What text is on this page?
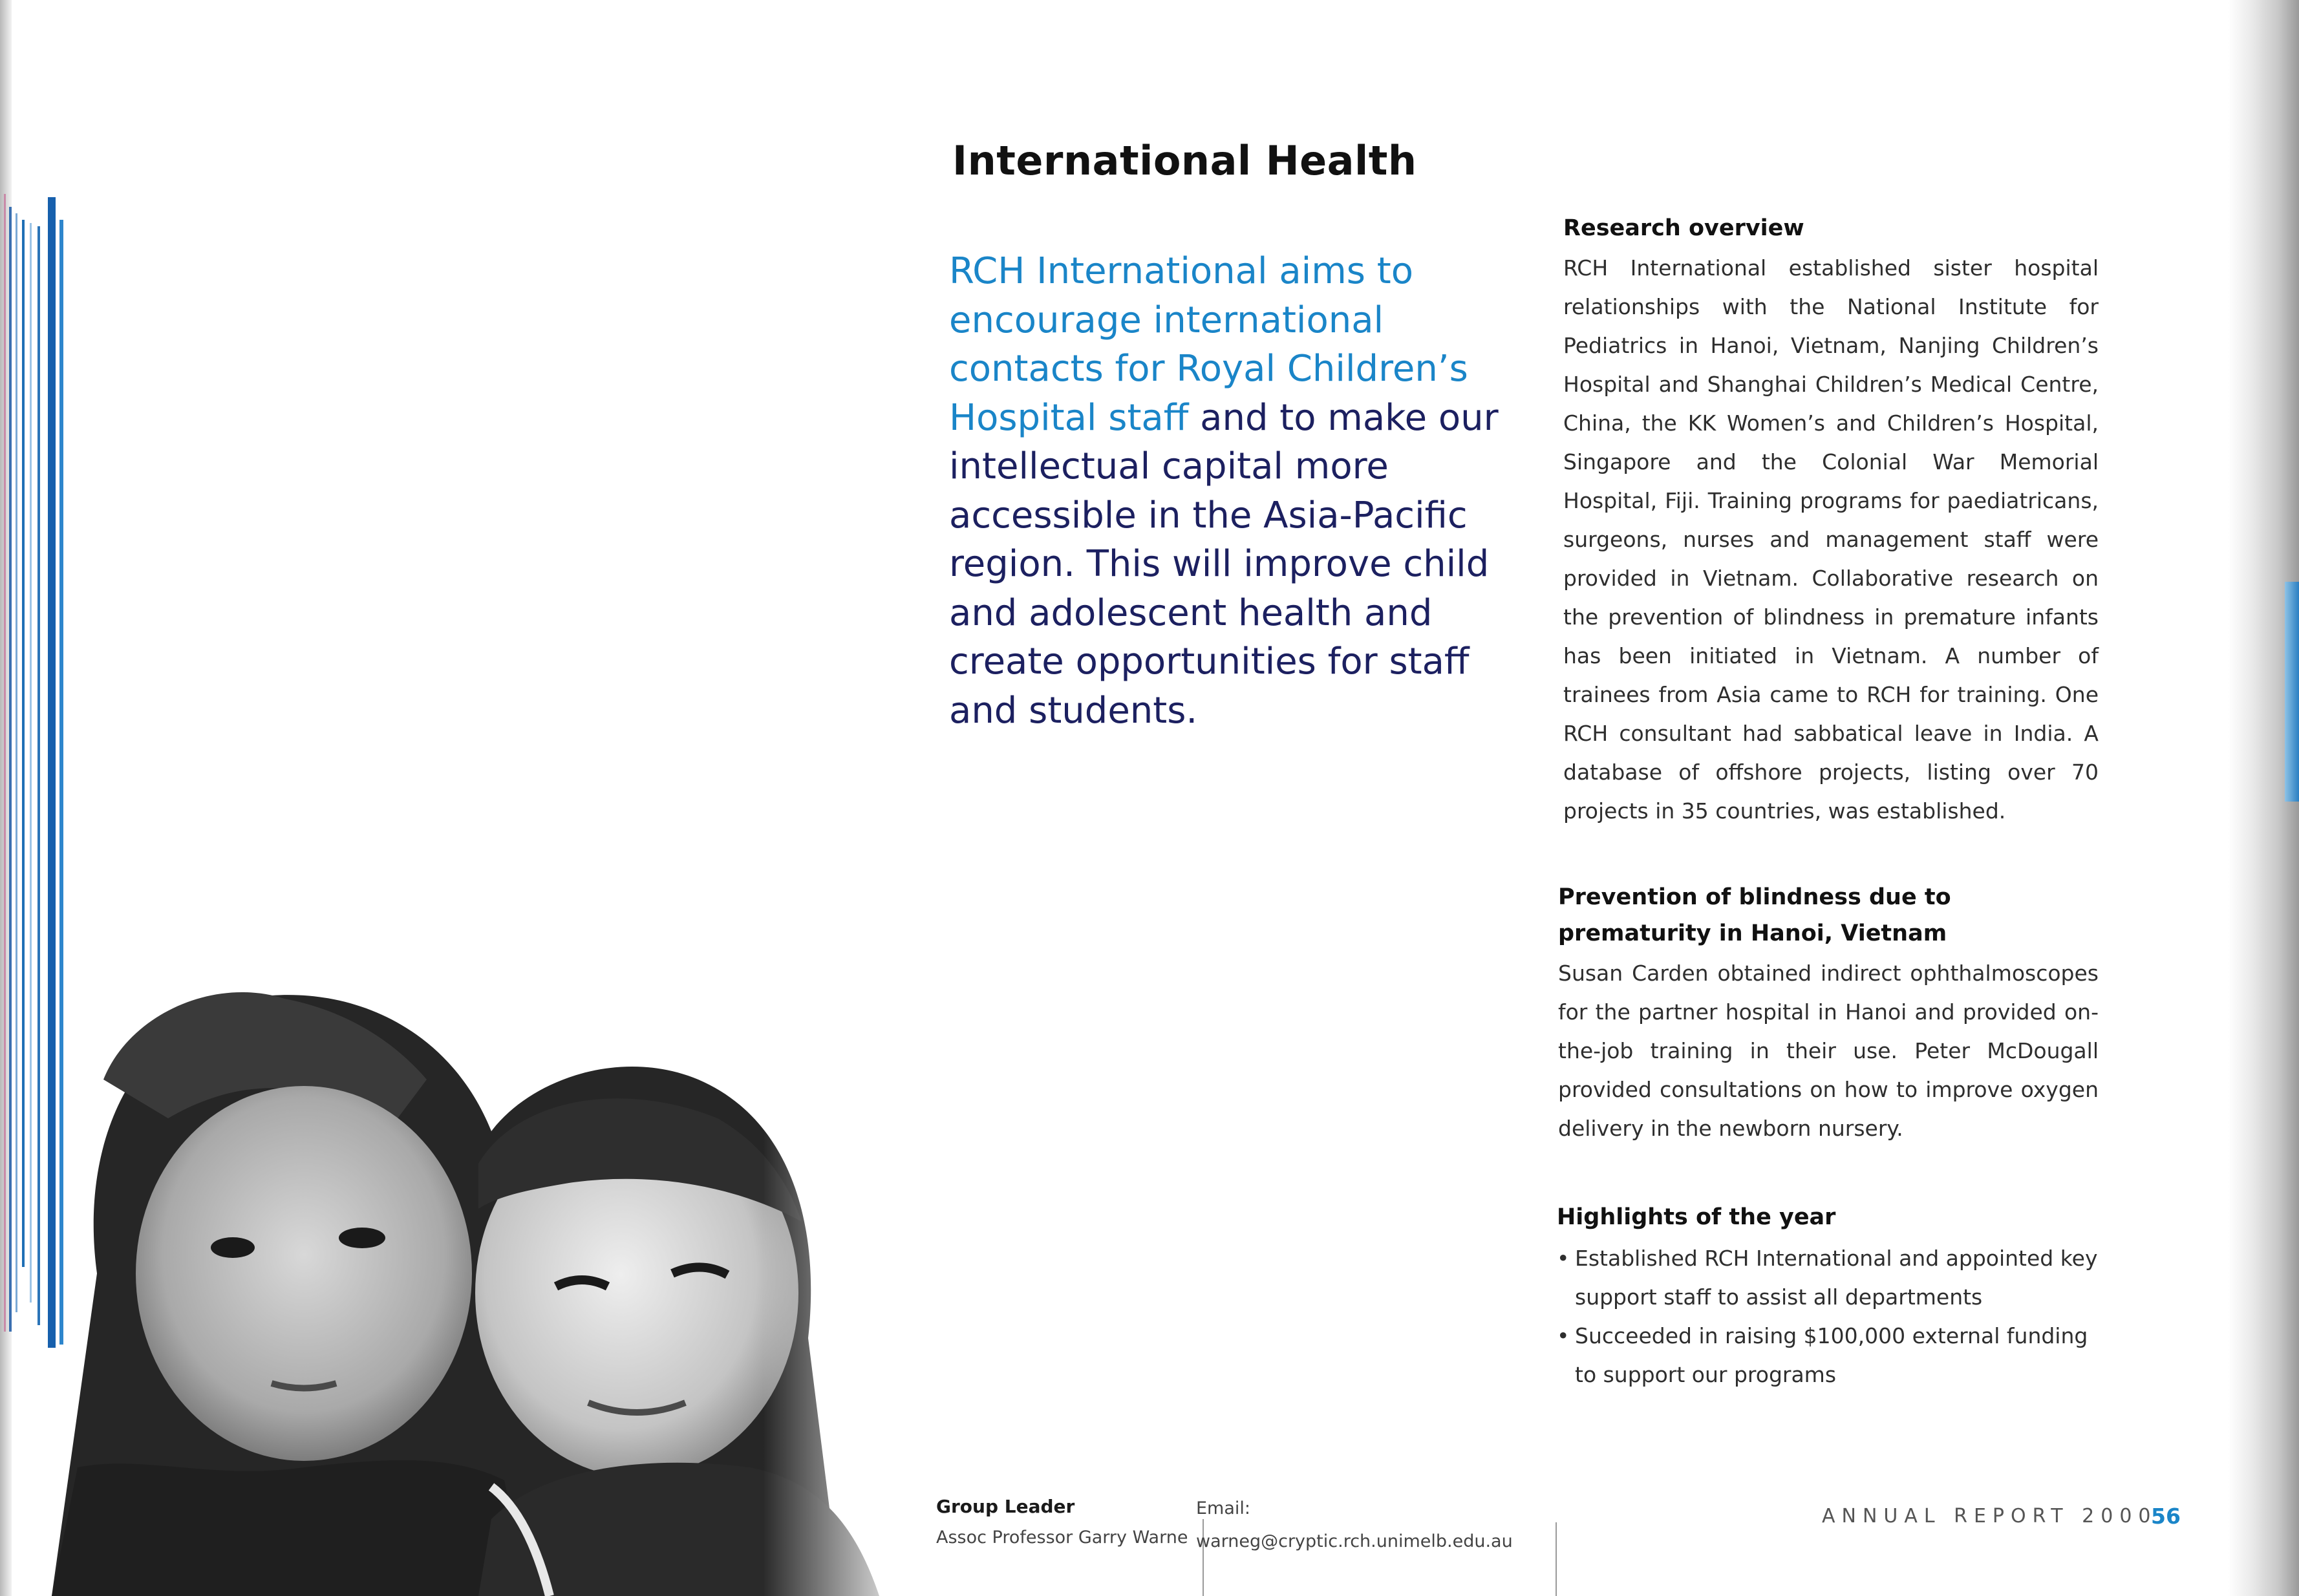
International Health

RCH International aims to encourage international contacts for Royal Children’s Hospital staff and to make our intellectual capital more accessible in the Asia-Pacific region. This will improve child and adolescent health and create opportunities for staff and students.

Research overview

RCH International established sister hospital relationships with the National Institute for Pediatrics in Hanoi, Vietnam, Nanjing Children’s Hospital and Shanghai Children’s Medical Centre, China, the KK Women’s and Children’s Hospital, Singapore and the Colonial War Memorial Hospital, Fiji. Training programs for paediatricans, surgeons, nurses and management staff were provided in Vietnam. Collaborative research on the prevention of blindness in premature infants has been initiated in Vietnam. A number of trainees from Asia came to RCH for training. One RCH consultant had sabbatical leave in India. A database of offshore projects, listing over 70 projects in 35 countries, was established.

Prevention of blindness due to prematurity in Hanoi, Vietnam

Susan Carden obtained indirect ophthalmoscopes for the partner hospital in Hanoi and provided on-the-job training in their use. Peter McDougall provided consultations on how to improve oxygen delivery in the newborn nursery.

Highlights of the year
• Established RCH International and appointed key support staff to assist all departments
• Succeeded in raising $100,000 external funding to support our programs
Group Leader
Assoc Professor Garry Warne
Email:
warneg@cryptic.rch.unimelb.edu.au
ANNUAL REPORT 2000
56
